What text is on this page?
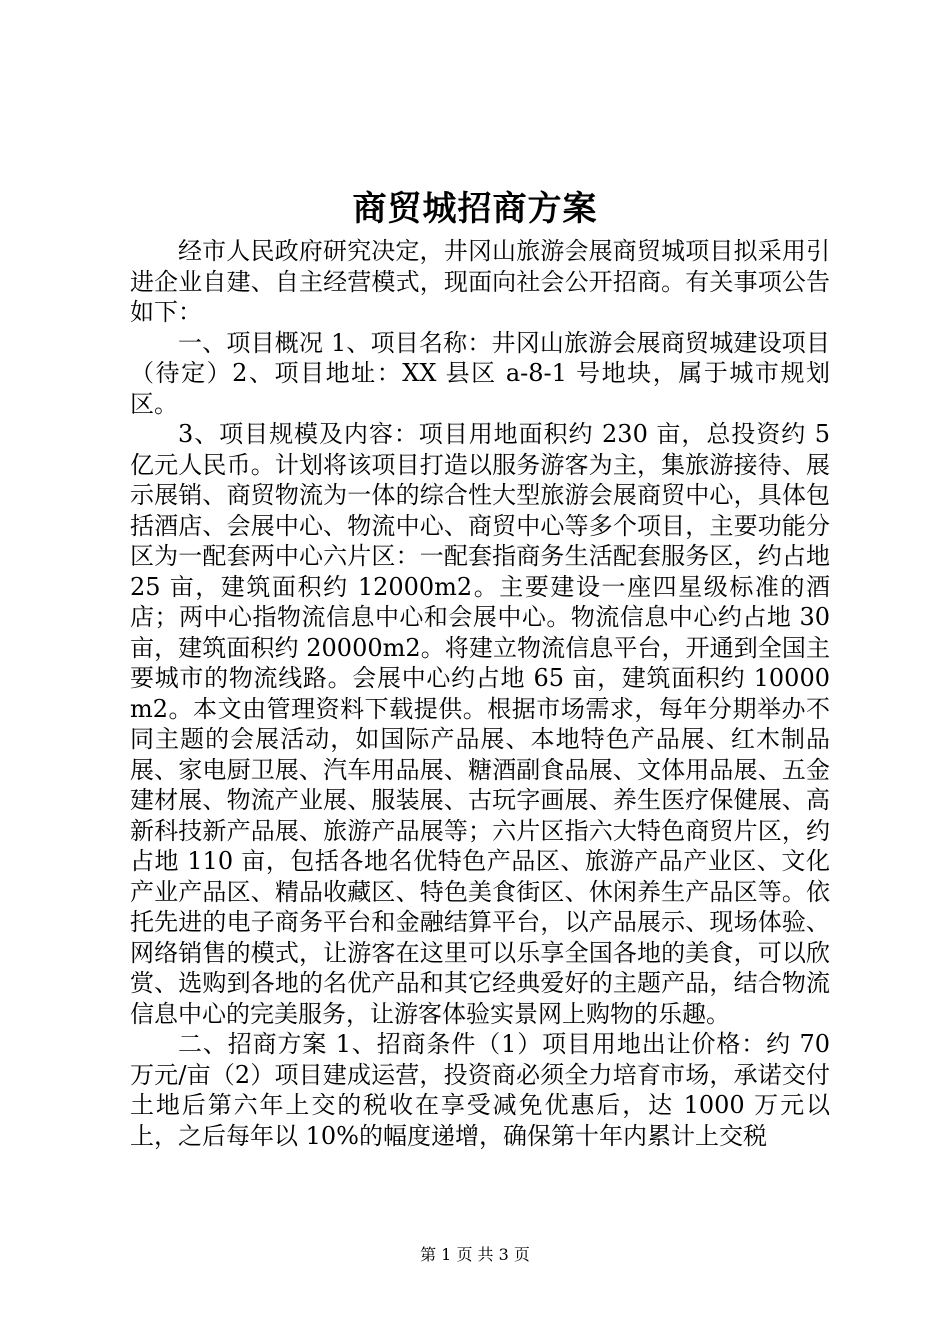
商贸城招商方案

经市人民政府研究决定，井冈山旅游会展商贸城项目拟采用引进企业自建、自主经营模式，现面向社会公开招商。有关事项公告如下：

一、项目概况 1、项目名称：井冈山旅游会展商贸城建设项目（待定）2、项目地址：XX 县区 a-8-1 号地块，属于城市规划区。

3、项目规模及内容：项目用地面积约 230 亩，总投资约 5 亿元人民币。计划将该项目打造以服务游客为主，集旅游接待、展示展销、商贸物流为一体的综合性大型旅游会展商贸中心，具体包括酒店、会展中心、物流中心、商贸中心等多个项目，主要功能分区为一配套两中心六片区：一配套指商务生活配套服务区，约占地 25 亩，建筑面积约 12000m2。主要建设一座四星级标准的酒店；两中心指物流信息中心和会展中心。物流信息中心约占地 30 亩，建筑面积约 20000m2。将建立物流信息平台，开通到全国主要城市的物流线路。会展中心约占地 65 亩，建筑面积约 10000m2。本文由管理资料下载提供。根据市场需求，每年分期举办不同主题的会展活动，如国际产品展、本地特色产品展、红木制品展、家电厨卫展、汽车用品展、糖酒副食品展、文体用品展、五金建材展、物流产业展、服装展、古玩字画展、养生医疗保健展、高新科技新产品展、旅游产品展等；六片区指六大特色商贸片区，约占地 110 亩，包括各地名优特色产品区、旅游产品产业区、文化产业产品区、精品收藏区、特色美食街区、休闲养生产品区等。依托先进的电子商务平台和金融结算平台，以产品展示、现场体验、网络销售的模式，让游客在这里可以乐享全国各地的美食，可以欣赏、选购到各地的名优产品和其它经典爱好的主题产品，结合物流信息中心的完美服务，让游客体验实景网上购物的乐趣。

二、招商方案 1、招商条件（1）项目用地出让价格：约 70 万元/亩（2）项目建成运营，投资商必须全力培育市场，承诺交付土地后第六年上交的税收在享受减免优惠后，达 1000 万元以上，之后每年以 10%的幅度递增，确保第十年内累计上交税

第 1 页 共 3 页
